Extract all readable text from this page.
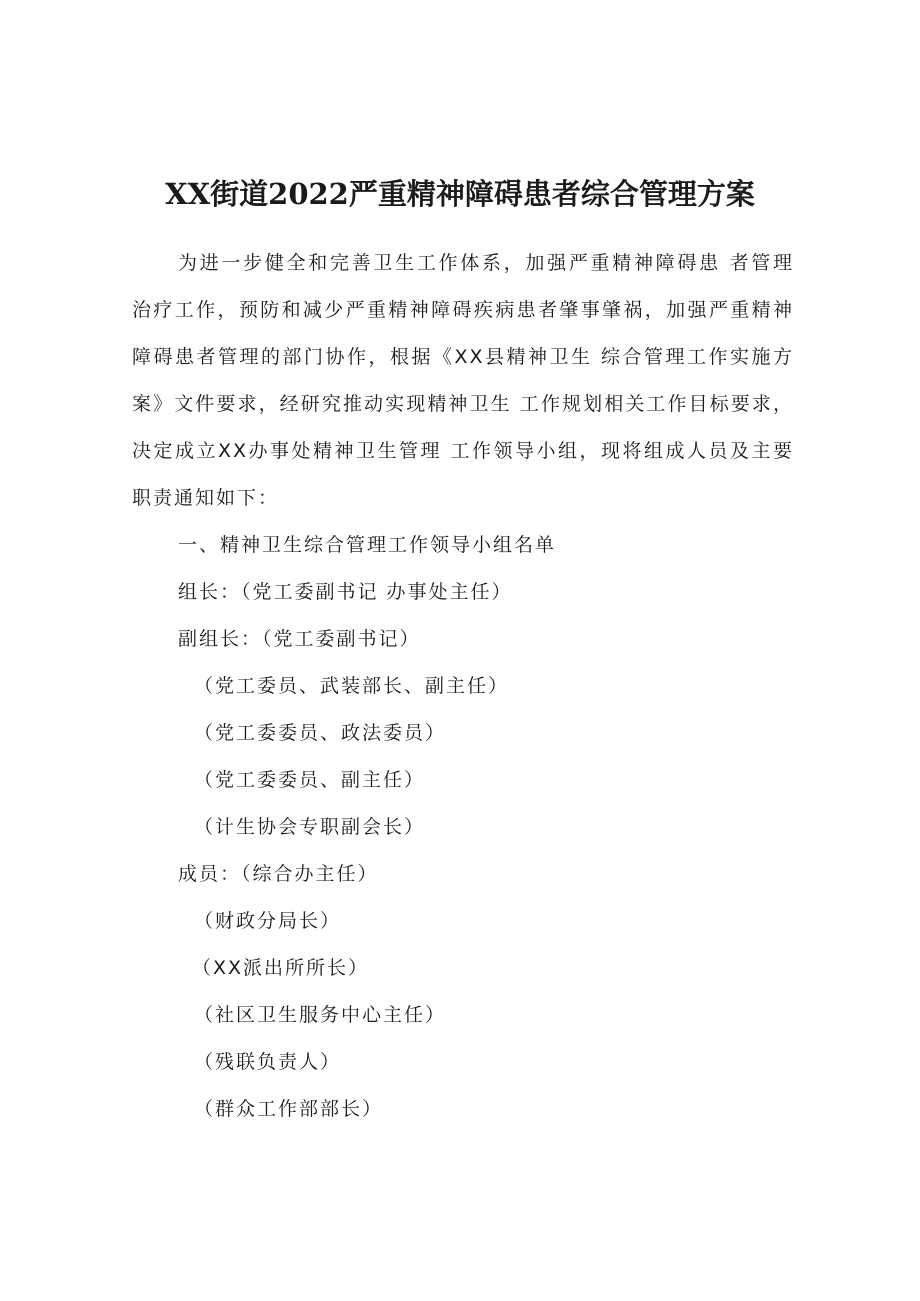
XX街道2022严重精神障碍患者综合管理方案

为进一步健全和完善卫生工作体系，加强严重精神障碍患 者管理治疗工作，预防和减少严重精神障碍疾病患者肇事肇祸，加强严重精神障碍患者管理的部门协作，根据《XX县精神卫生 综合管理工作实施方案》文件要求，经研究推动实现精神卫生 工作规划相关工作目标要求，决定成立XX办事处精神卫生管理 工作领导小组，现将组成人员及主要职责通知如下：

一、精神卫生综合管理工作领导小组名单

组长：（党工委副书记 办事处主任）

副组长：（党工委副书记）

（党工委员、武装部长、副主任）

（党工委委员、政法委员）

（党工委委员、副主任）

（计生协会专职副会长）

成员：（综合办主任）

（财政分局长）

（XX派出所所长）

（社区卫生服务中心主任）

（残联负责人）

（群众工作部部长）
